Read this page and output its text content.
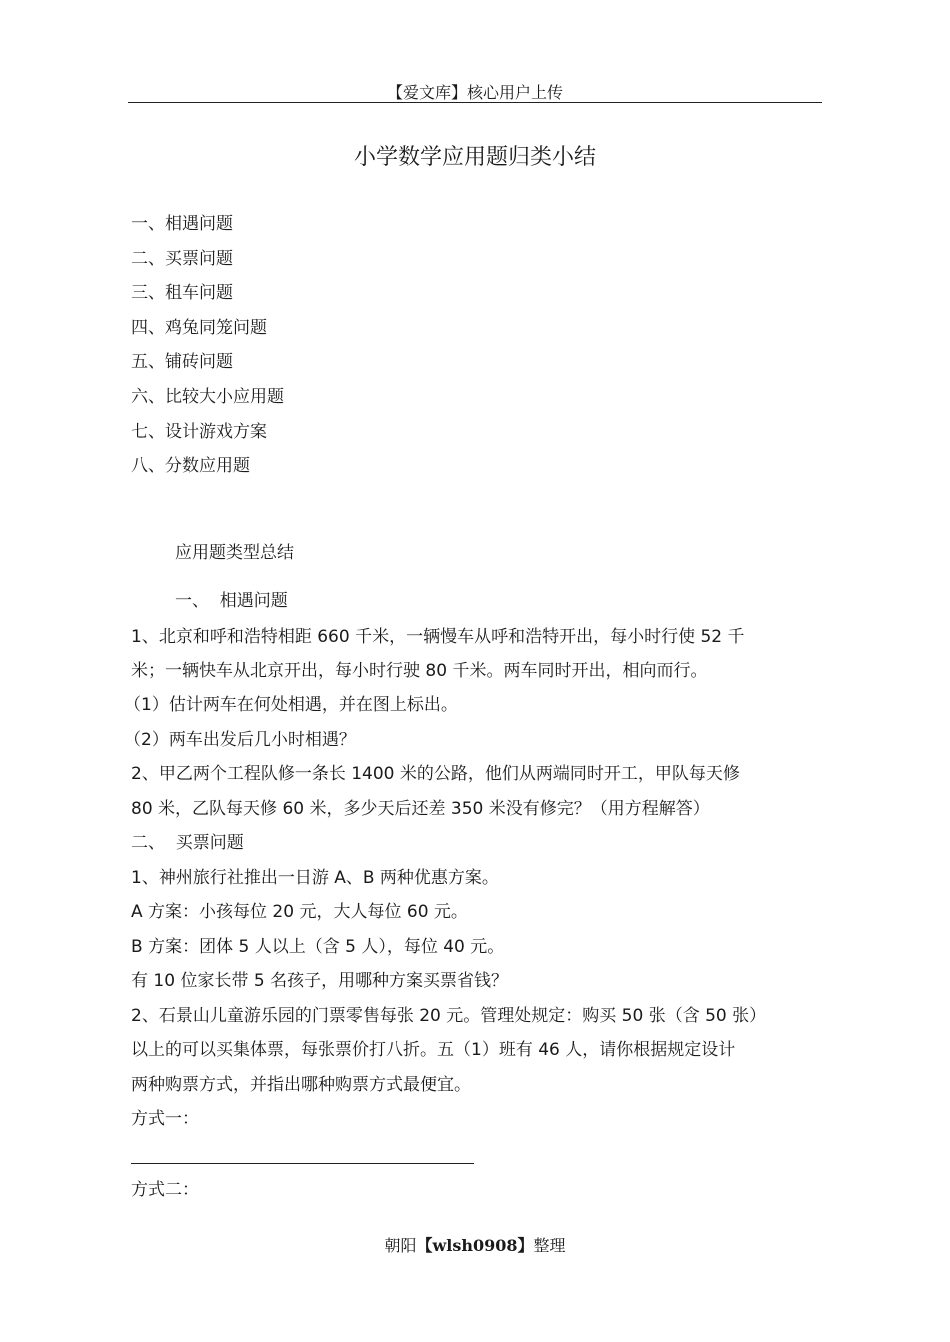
【爱文库】核心用户上传
小学数学应用题归类小结
一、相遇问题
二、买票问题
三、租车问题
四、鸡兔同笼问题
五、铺砖问题
六、比较大小应用题
七、设计游戏方案
八、分数应用题
应用题类型总结
一、  相遇问题
1、北京和呼和浩特相距 660 千米，一辆慢车从呼和浩特开出，每小时行使 52 千
米；一辆快车从北京开出，每小时行驶 80 千米。两车同时开出，相向而行。
（1）估计两车在何处相遇，并在图上标出。
（2）两车出发后几小时相遇？
2、甲乙两个工程队修一条长 1400 米的公路，他们从两端同时开工，甲队每天修
80 米，乙队每天修 60 米，多少天后还差 350 米没有修完？（用方程解答）
二、  买票问题
1、神州旅行社推出一日游 A、B 两种优惠方案。
A 方案：小孩每位 20 元，大人每位 60 元。
B 方案：团体 5 人以上（含 5 人），每位 40 元。
有 10 位家长带 5 名孩子，用哪种方案买票省钱？
2、石景山儿童游乐园的门票零售每张 20 元。管理处规定：购买 50 张（含 50 张）
以上的可以买集体票，每张票价打八折。五（1）班有 46 人，请你根据规定设计
两种购票方式，并指出哪种购票方式最便宜。
方式一：
方式二：
朝阳【wlsh0908】整理
